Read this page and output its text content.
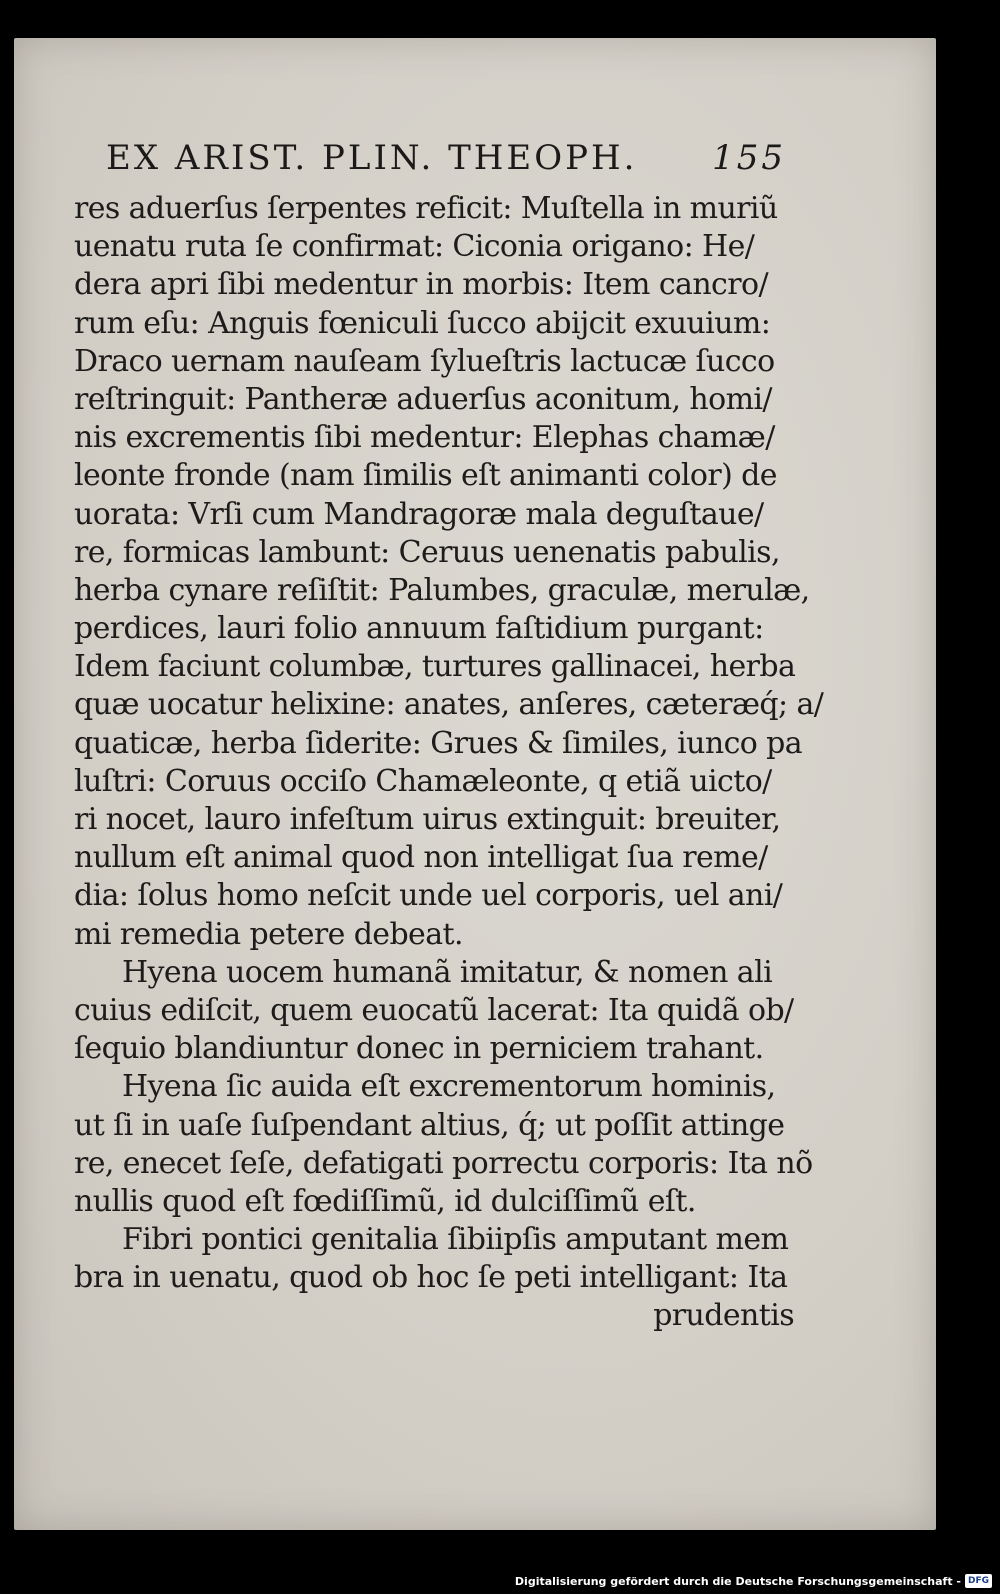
EX ARIST. PLIN. THEOPH. 155
res aduerſus ſerpentes reficit: Muſtella in muriũ
uenatu ruta ſe confirmat: Ciconia origano: He/
dera apri ſibi medentur in morbis: Item cancro/
rum eſu: Anguis fœniculi ſucco abijcit exuuium:
Draco uernam nauſeam ſylueſtris lactucæ ſucco
reſtringuit: Pantheræ aduerſus aconitum, homi/
nis excrementis ſibi medentur: Elephas chamæ/
leonte fronde (nam ſimilis eſt animanti color) de
uorata: Vrſi cum Mandragoræ mala deguſtaue/
re, formicas lambunt: Ceruus uenenatis pabulis,
herba cynare reſiſtit: Palumbes, graculæ, merulæ,
perdices, lauri folio annuum faſtidium purgant:
Idem faciunt columbæ, turtures gallinacei, herba
quæ uocatur helixine: anates, anſeres, cæteræq́; a/
quaticæ, herba ſiderite: Grues & ſimiles, iunco pa
luſtri: Coruus occiſo Chamæleonte, q etiã uicto/
ri nocet, lauro infeſtum uirus extinguit: breuiter,
nullum eſt animal quod non intelligat ſua reme/
dia: ſolus homo neſcit unde uel corporis, uel ani/
mi remedia petere debeat.
Hyena uocem humanã imitatur, & nomen ali
cuius ediſcit, quem euocatũ lacerat: Ita quidã ob/
ſequio blandiuntur donec in perniciem trahant.
Hyena ſic auida eſt excrementorum hominis,
ut ſi in uaſe ſuſpendant altius, q́; ut poſſit attinge
re, enecet ſeſe, defatigati porrectu corporis: Ita nõ
nullis quod eſt fœdiſſimũ, id dulciſſimũ eſt.
Fibri pontici genitalia ſibiipſis amputant mem
bra in uenatu, quod ob hoc ſe peti intelligant: Ita
prudentis
Digitalisierung gefördert durch die Deutsche Forschungsgemeinschaft - DFG
